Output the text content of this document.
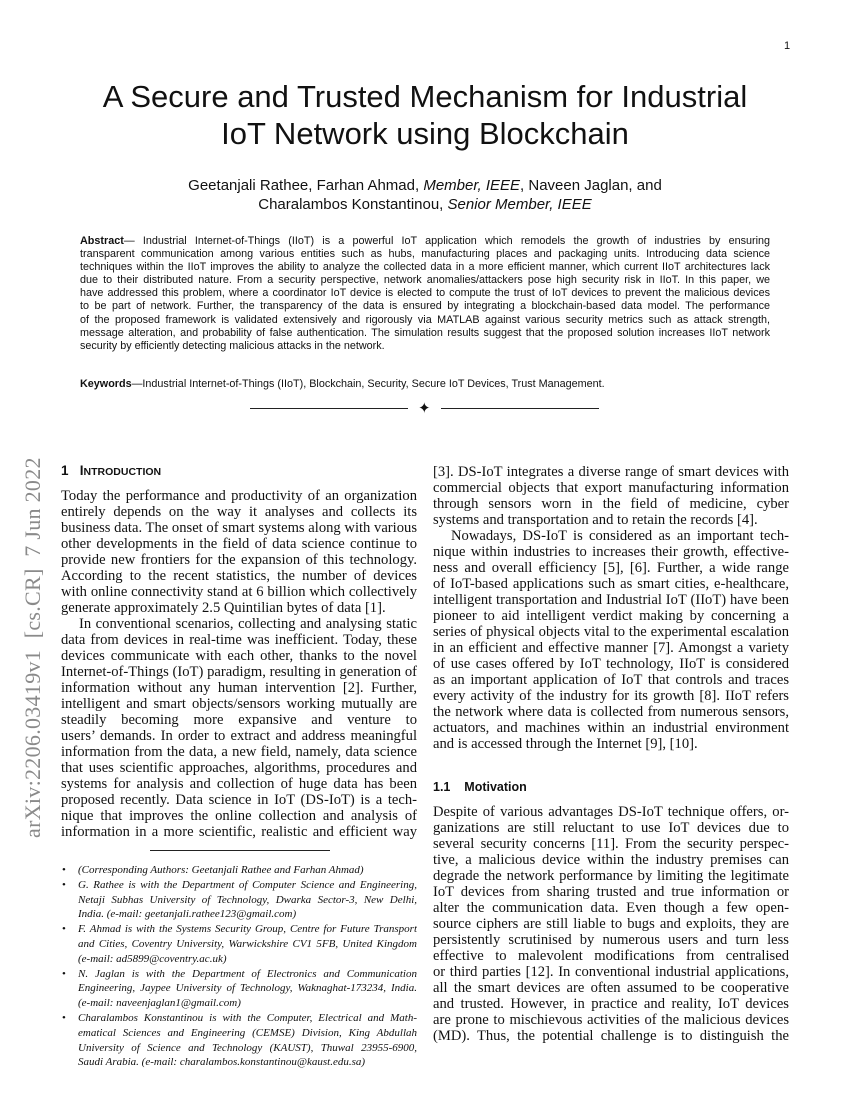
1
arXiv:2206.03419v1  [cs.CR]  7 Jun 2022
A Secure and Trusted Mechanism for Industrial
IoT Network using Blockchain
Geetanjali Rathee, Farhan Ahmad, Member, IEEE, Naveen Jaglan, and
Charalambos Konstantinou, Senior Member, IEEE
Abstract— Industrial Internet-of-Things (IIoT) is a powerful IoT application which remodels the growth of industries by ensuring
transparent communication among various entities such as hubs, manufacturing places and packaging units. Introducing data science
techniques within the IIoT improves the ability to analyze the collected data in a more efficient manner, which current IIoT architectures lack
due to their distributed nature. From a security perspective, network anomalies/attackers pose high security risk in IIoT. In this paper, we
have addressed this problem, where a coordinator IoT device is elected to compute the trust of IoT devices to prevent the malicious devices
to be part of network. Further, the transparency of the data is ensured by integrating a blockchain-based data model. The performance
of the proposed framework is validated extensively and rigorously via MATLAB against various security metrics such as attack strength,
message alteration, and probability of false authentication. The simulation results suggest that the proposed solution increases IIoT network
security by efficiently detecting malicious attacks in the network.
Keywords—Industrial Internet-of-Things (IIoT), Blockchain, Security, Secure IoT Devices, Trust Management.
✦
1 INTRODUCTION
Today the performance and productivity of an organization
entirely depends on the way it analyses and collects its
business data. The onset of smart systems along with various
other developments in the field of data science continue to
provide new frontiers for the expansion of this technology.
According to the recent statistics, the number of devices
with online connectivity stand at 6 billion which collectively
generate approximately 2.5 Quintilian bytes of data [1].
In conventional scenarios, collecting and analysing static
data from devices in real-time was inefficient. Today, these
devices communicate with each other, thanks to the novel
Internet-of-Things (IoT) paradigm, resulting in generation of
information without any human intervention [2]. Further,
intelligent and smart objects/sensors working mutually are
steadily becoming more expansive and venture to
users’ demands. In order to extract and address meaningful
information from the data, a new field, namely, data science
that uses scientific approaches, algorithms, procedures and
systems for analysis and collection of huge data has been
proposed recently. Data science in IoT (DS-IoT) is a tech-
nique that improves the online collection and analysis of
information in a more scientific, realistic and efficient way
[3]. DS-IoT integrates a diverse range of smart devices with
commercial objects that export manufacturing information
through sensors worn in the field of medicine, cyber
systems and transportation and to retain the records [4].
Nowadays, DS-IoT is considered as an important tech-
nique within industries to increases their growth, effective-
ness and overall efficiency [5], [6]. Further, a wide range
of IoT-based applications such as smart cities, e-healthcare,
intelligent transportation and Industrial IoT (IIoT) have been
pioneer to aid intelligent verdict making by concerning a
series of physical objects vital to the experimental escalation
in an efficient and effective manner [7]. Amongst a variety
of use cases offered by IoT technology, IIoT is considered
as an important application of IoT that controls and traces
every activity of the industry for its growth [8]. IIoT refers
the network where data is collected from numerous sensors,
actuators, and machines within an industrial environment
and is accessed through the Internet [9], [10].
1.1 Motivation
Despite of various advantages DS-IoT technique offers, or-
ganizations are still reluctant to use IoT devices due to
several security concerns [11]. From the security perspec-
tive, a malicious device within the industry premises can
degrade the network performance by limiting the legitimate
IoT devices from sharing trusted and true information or
alter the communication data. Even though a few open-
source ciphers are still liable to bugs and exploits, they are
persistently scrutinised by numerous users and turn less
effective to malevolent modifications from centralised
or third parties [12]. In conventional industrial applications,
all the smart devices are often assumed to be cooperative
and trusted. However, in practice and reality, IoT devices
are prone to mischievous activities of the malicious devices
(MD). Thus, the potential challenge is to distinguish the
• (Corresponding Authors: Geetanjali Rathee and Farhan Ahmad)
• G. Rathee is with the Department of Computer Science and Engineering,
Netaji Subhas University of Technology, Dwarka Sector-3, New Delhi,
India. (e-mail: geetanjali.rathee123@gmail.com)
• F. Ahmad is with the Systems Security Group, Centre for Future Transport
and Cities, Coventry University, Warwickshire CV1 5FB, United Kingdom
(e-mail: ad5899@coventry.ac.uk)
• N. Jaglan is with the Department of Electronics and Communication
Engineering, Jaypee University of Technology, Waknaghat-173234, India.
(e-mail: naveenjaglan1@gmail.com)
• Charalambos Konstantinou is with the Computer, Electrical and Math-
ematical Sciences and Engineering (CEMSE) Division, King Abdullah
University of Science and Technology (KAUST), Thuwal 23955-6900,
Saudi Arabia. (e-mail: charalambos.konstantinou@kaust.edu.sa)
